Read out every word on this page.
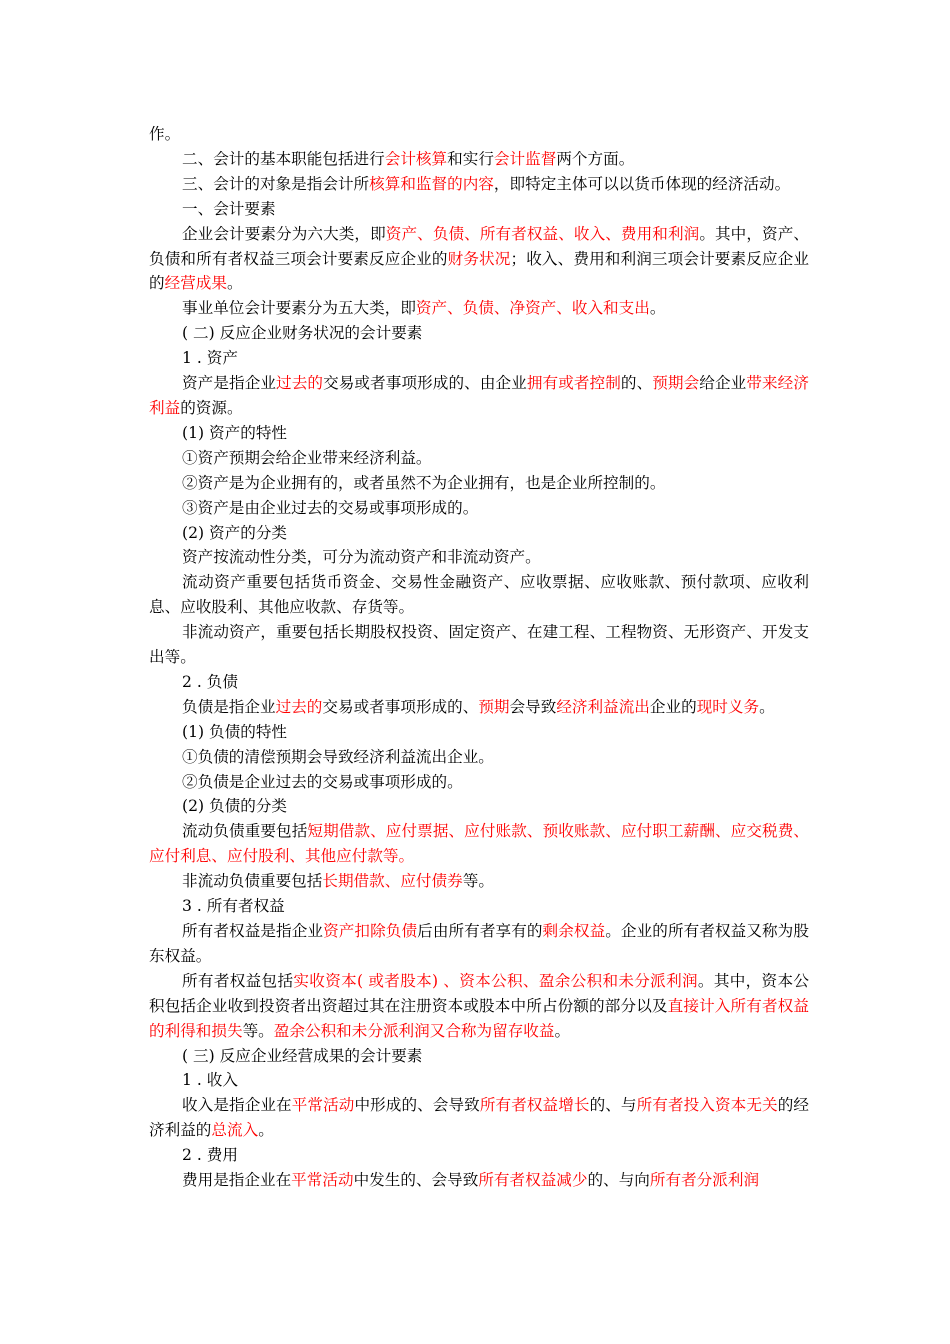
作。

二、会计的基本职能包括进行会计核算和实行会计监督两个方面。

三、会计的对象是指会计所核算和监督的内容，即特定主体可以以货币体现的经济活动。

一、会计要素

企业会计要素分为六大类，即资产、负债、所有者权益、收入、费用和利润。其中，资产、负债和所有者权益三项会计要素反应企业的财务状况；收入、费用和利润三项会计要素反应企业的经营成果。

事业单位会计要素分为五大类，即资产、负债、净资产、收入和支出。

( 二) 反应企业财务状况的会计要素

1 . 资产

资产是指企业过去的交易或者事项形成的、由企业拥有或者控制的、预期会给企业带来经济利益的资源。

(1) 资产的特性

①资产预期会给企业带来经济利益。

②资产是为企业拥有的，或者虽然不为企业拥有，也是企业所控制的。

③资产是由企业过去的交易或事项形成的。

(2) 资产的分类

资产按流动性分类，可分为流动资产和非流动资产。

流动资产重要包括货币资金、交易性金融资产、应收票据、应收账款、预付款项、应收利息、应收股利、其他应收款、存货等。

非流动资产，重要包括长期股权投资、固定资产、在建工程、工程物资、无形资产、开发支出等。

2 . 负债

负债是指企业过去的交易或者事项形成的、预期会导致经济利益流出企业的现时义务。

(1) 负债的特性

①负债的清偿预期会导致经济利益流出企业。

②负债是企业过去的交易或事项形成的。

(2) 负债的分类

流动负债重要包括短期借款、应付票据、应付账款、预收账款、应付职工薪酬、应交税费、应付利息、应付股利、其他应付款等。

非流动负债重要包括长期借款、应付债券等。

3 . 所有者权益

所有者权益是指企业资产扣除负债后由所有者享有的剩余权益。企业的所有者权益又称为股东权益。

所有者权益包括实收资本( 或者股本) 、资本公积、盈余公积和未分派利润。其中，资本公积包括企业收到投资者出资超过其在注册资本或股本中所占份额的部分以及直接计入所有者权益的利得和损失等。盈余公积和未分派利润又合称为留存收益。

( 三) 反应企业经营成果的会计要素

1 . 收入

收入是指企业在平常活动中形成的、会导致所有者权益增长的、与所有者投入资本无关的经济利益的总流入。

2 . 费用

费用是指企业在平常活动中发生的、会导致所有者权益减少的、与向所有者分派利润
